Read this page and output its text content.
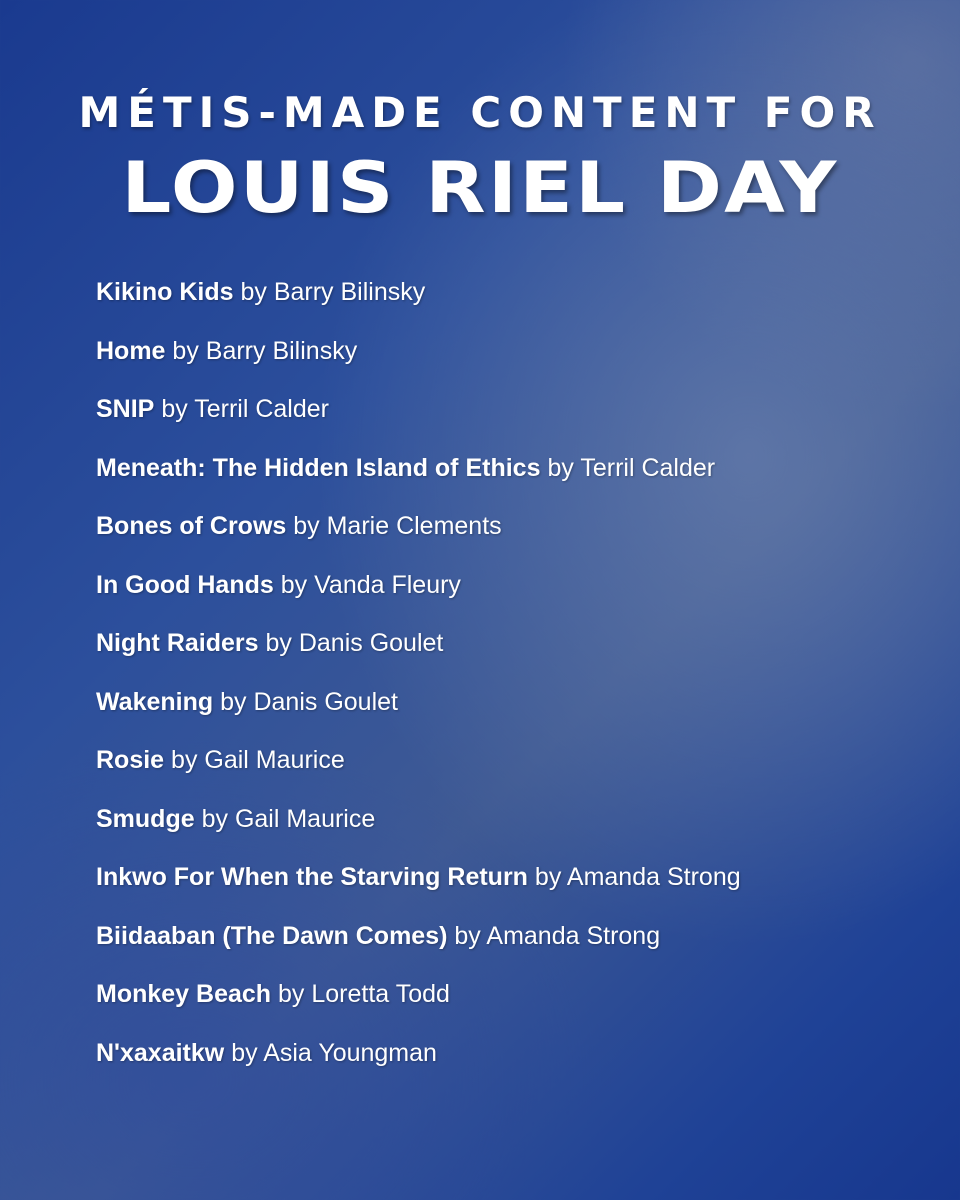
MÉTIS-MADE CONTENT FOR
LOUIS RIEL DAY
Kikino Kids by Barry Bilinsky
Home by Barry Bilinsky
SNIP by Terril Calder
Meneath: The Hidden Island of Ethics by Terril Calder
Bones of Crows by Marie Clements
In Good Hands by Vanda Fleury
Night Raiders by Danis Goulet
Wakening by Danis Goulet
Rosie by Gail Maurice
Smudge by Gail Maurice
Inkwo For When the Starving Return by Amanda Strong
Biidaaban (The Dawn Comes) by Amanda Strong
Monkey Beach by Loretta Todd
N'xaxaitkw by Asia Youngman
